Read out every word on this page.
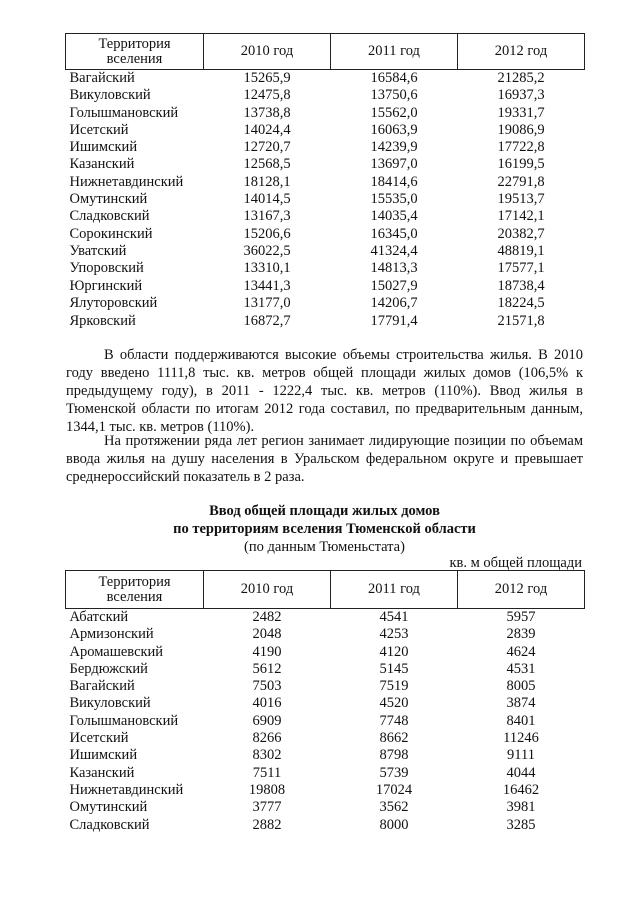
Территория
вселения	2010 год	2011 год	2012 год
Вагайский	15265,9	16584,6	21285,2
Викуловский	12475,8	13750,6	16937,3
Голышмановский	13738,8	15562,0	19331,7
Исетский	14024,4	16063,9	19086,9
Ишимский	12720,7	14239,9	17722,8
Казанский	12568,5	13697,0	16199,5
Нижнетавдинский	18128,1	18414,6	22791,8
Омутинский	14014,5	15535,0	19513,7
Сладковский	13167,3	14035,4	17142,1
Сорокинский	15206,6	16345,0	20382,7
Уватский	36022,5	41324,4	48819,1
Упоровский	13310,1	14813,3	17577,1
Юргинский	13441,3	15027,9	18738,4
Ялуторовский	13177,0	14206,7	18224,5
Ярковский	16872,7	17791,4	21571,8

В области поддерживаются высокие объемы строительства жилья. В 2010 году введено 1111,8 тыс. кв. метров общей площади жилых домов (106,5% к предыдущему году), в 2011 - 1222,4 тыс. кв. метров (110%). Ввод жилья в Тюменской области по итогам 2012 года составил, по предварительным данным, 1344,1 тыс. кв. метров (110%).

На протяжении ряда лет регион занимает лидирующие позиции по объемам ввода жилья на душу населения в Уральском федеральном округе и превышает среднероссийский показатель в 2 раза.

Ввод общей площади жилых домов

по территориям вселения Тюменской области

(по данным Тюменьстата)

кв. м общей площади
Территория
вселения	2010 год	2011 год	2012 год
Абатский	2482	4541	5957
Армизонский	2048	4253	2839
Аромашевский	4190	4120	4624
Бердюжский	5612	5145	4531
Вагайский	7503	7519	8005
Викуловский	4016	4520	3874
Голышмановский	6909	7748	8401
Исетский	8266	8662	11246
Ишимский	8302	8798	9111
Казанский	7511	5739	4044
Нижнетавдинский	19808	17024	16462
Омутинский	3777	3562	3981
Сладковский	2882	8000	3285
